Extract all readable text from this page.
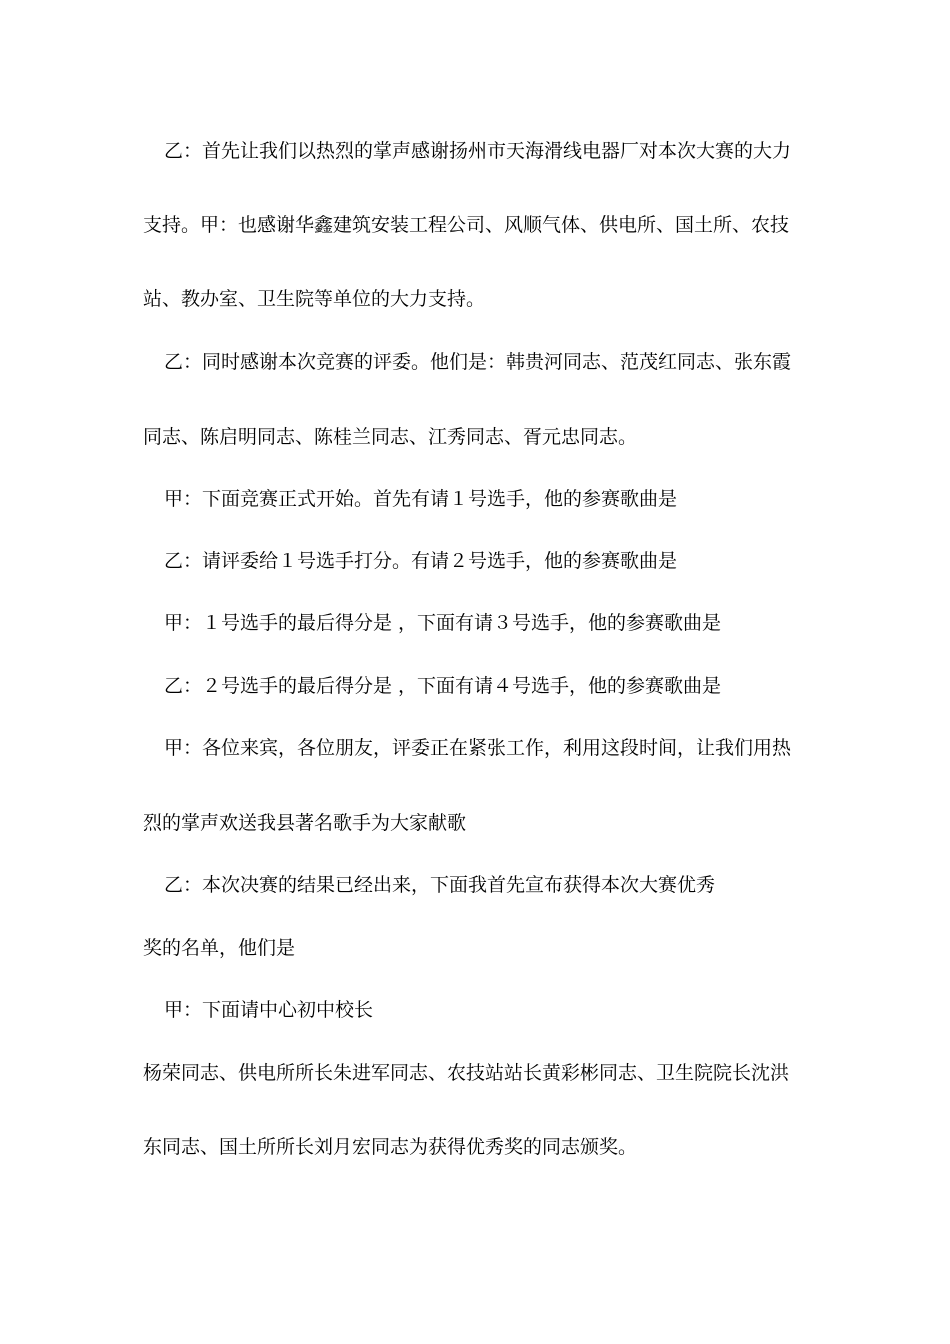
乙：首先让我们以热烈的掌声感谢扬州市天海滑线电器厂对本次大赛的大力
支持。甲：也感谢华鑫建筑安装工程公司、风顺气体、供电所、国土所、农技
站、教办室、卫生院等单位的大力支持。
乙：同时感谢本次竞赛的评委。他们是：韩贵河同志、范茂红同志、张东霞
同志、陈启明同志、陈桂兰同志、江秀同志、胥元忠同志。
甲：下面竞赛正式开始。首先有请１号选手，他的参赛歌曲是
乙：请评委给１号选手打分。有请２号选手，他的参赛歌曲是
甲：１号选手的最后得分是 ，下面有请３号选手，他的参赛歌曲是
乙：２号选手的最后得分是 ，下面有请４号选手，他的参赛歌曲是
甲：各位来宾，各位朋友，评委正在紧张工作，利用这段时间，让我们用热
烈的掌声欢送我县著名歌手为大家献歌
乙：本次决赛的结果已经出来，下面我首先宣布获得本次大赛优秀
奖的名单，他们是
甲：下面请中心初中校长
杨荣同志、供电所所长朱进军同志、农技站站长黄彩彬同志、卫生院院长沈洪
东同志、国土所所长刘月宏同志为获得优秀奖的同志颁奖。
